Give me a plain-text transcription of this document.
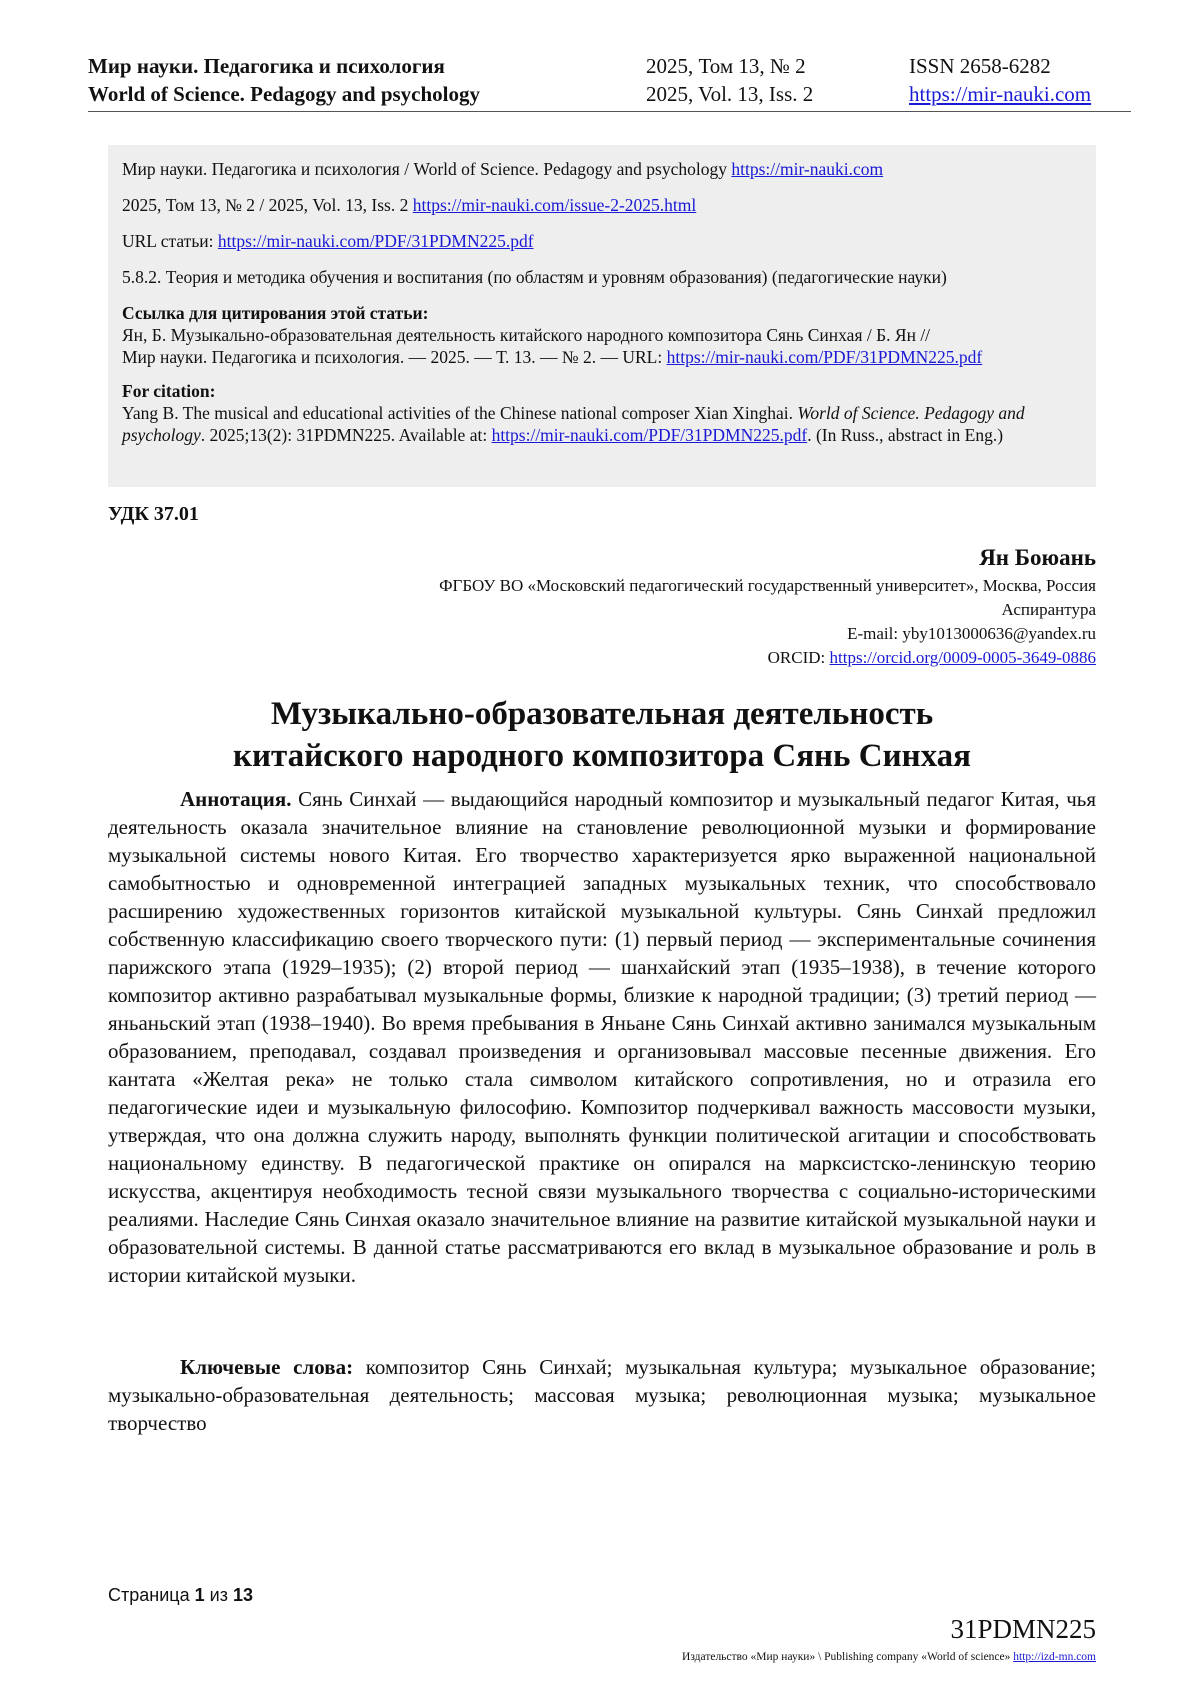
Мир науки. Педагогика и психология
World of Science. Pedagogy and psychology
2025, Том 13, № 2
2025, Vol. 13, Iss. 2
ISSN 2658-6282
https://mir-nauki.com

Мир науки. Педагогика и психология / World of Science. Pedagogy and psychology https://mir-nauki.com

2025, Том 13, № 2 / 2025, Vol. 13, Iss. 2 https://mir-nauki.com/issue-2-2025.html

URL статьи: https://mir-nauki.com/PDF/31PDMN225.pdf

5.8.2. Теория и методика обучения и воспитания (по областям и уровням образования) (педагогические науки)

Ссылка для цитирования этой статьи:
Ян, Б. Музыкально-образовательная деятельность китайского народного композитора Сянь Синхая / Б. Ян //
Мир науки. Педагогика и психология. — 2025. — Т. 13. — № 2. — URL: https://mir-nauki.com/PDF/31PDMN225.pdf
For citation:
Yang B. The musical and educational activities of the Chinese national composer Xian Xinghai. World of Science. Pedagogy and psychology. 2025;13(2): 31PDMN225. Available at: https://mir-nauki.com/PDF/31PDMN225.pdf. (In Russ., abstract in Eng.)
УДК 37.01
Ян Боюань
ФГБОУ ВО «Московский педагогический государственный университет», Москва, Россия
Аспирантура
E-mail: yby1013000636@yandex.ru
ORCID: https://orcid.org/0009-0005-3649-0886
Музыкально-образовательная деятельность
китайского народного композитора Сянь Синхая

Аннотация. Сянь Синхай — выдающийся народный композитор и музыкальный педагог Китая, чья деятельность оказала значительное влияние на становление революционной музыки и формирование музыкальной системы нового Китая. Его творчество характеризуется ярко выраженной национальной самобытностью и одновременной интеграцией западных музыкальных техник, что способствовало расширению художественных горизонтов китайской музыкальной культуры. Сянь Синхай предложил собственную классификацию своего творческого пути: (1) первый период — экспериментальные сочинения парижского этапа (1929–1935); (2) второй период — шанхайский этап (1935–1938), в течение которого композитор активно разрабатывал музыкальные формы, близкие к народной традиции; (3) третий период — яньаньский этап (1938–1940). Во время пребывания в Яньане Сянь Синхай активно занимался музыкальным образованием, преподавал, создавал произведения и организовывал массовые песенные движения. Его кантата «Желтая река» не только стала символом китайского сопротивления, но и отразила его педагогические идеи и музыкальную философию. Композитор подчеркивал важность массовости музыки, утверждая, что она должна служить народу, выполнять функции политической агитации и способствовать национальному единству. В педагогической практике он опирался на марксистско-ленинскую теорию искусства, акцентируя необходимость тесной связи музыкального творчества с социально-историческими реалиями. Наследие Сянь Синхая оказало значительное влияние на развитие китайской музыкальной науки и образовательной системы. В данной статье рассматриваются его вклад в музыкальное образование и роль в истории китайской музыки.

Ключевые слова: композитор Сянь Синхай; музыкальная культура; музыкальное образование; музыкально-образовательная деятельность; массовая музыка; революционная музыка; музыкальное творчество

Страница 1 из 13
31PDMN225
Издательство «Мир науки» \ Publishing company «World of science» http://izd-mn.com
